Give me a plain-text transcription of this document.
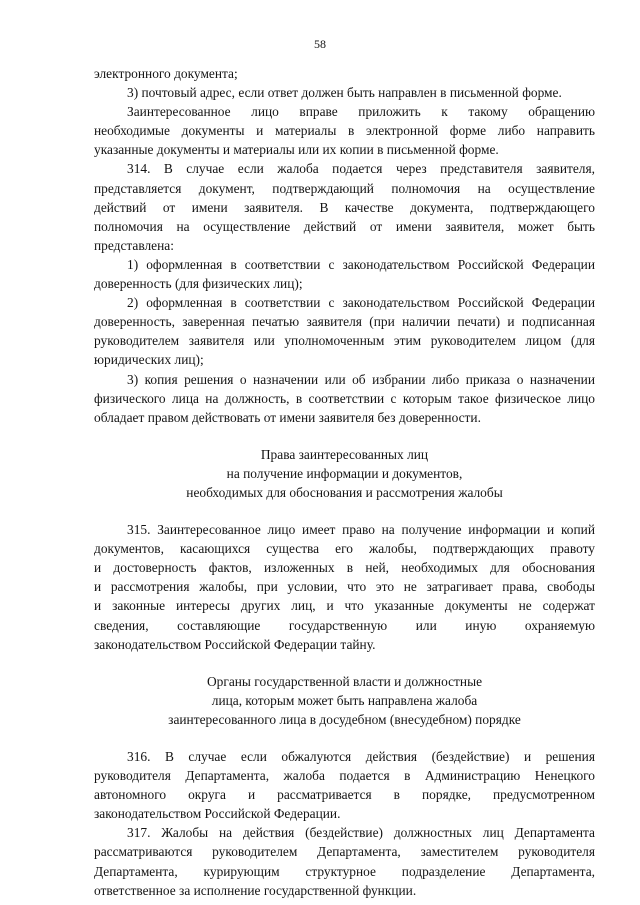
58
электронного документа;
3) почтовый адрес, если ответ должен быть направлен в письменной форме.
Заинтересованное лицо вправе приложить к такому обращению
необходимые документы и материалы в электронной форме либо направить
указанные документы и материалы или их копии в письменной форме.
314. В случае если жалоба подается через представителя заявителя,
представляется документ, подтверждающий полномочия на осуществление
действий от имени заявителя. В качестве документа, подтверждающего
полномочия на осуществление действий от имени заявителя, может быть
представлена:
1) оформленная в соответствии с законодательством Российской Федерации
доверенность (для физических лиц);
2) оформленная в соответствии с законодательством Российской Федерации
доверенность, заверенная печатью заявителя (при наличии печати) и подписанная
руководителем заявителя или уполномоченным этим руководителем лицом (для
юридических лиц);
3) копия решения о назначении или об избрании либо приказа о назначении
физического лица на должность, в соответствии с которым такое физическое лицо
обладает правом действовать от имени заявителя без доверенности.
Права заинтересованных лиц
на получение информации и документов,
необходимых для обоснования и рассмотрения жалобы
315. Заинтересованное лицо имеет право на получение информации и копий
документов, касающихся существа его жалобы, подтверждающих правоту
и достоверность фактов, изложенных в ней, необходимых для обоснования
и рассмотрения жалобы, при условии, что это не затрагивает права, свободы
и законные интересы других лиц, и что указанные документы не содержат
сведения, составляющие государственную или иную охраняемую
законодательством Российской Федерации тайну.
Органы государственной власти и должностные
лица, которым может быть направлена жалоба
заинтересованного лица в досудебном (внесудебном) порядке
316. В случае если обжалуются действия (бездействие) и решения
руководителя Департамента, жалоба подается в Администрацию Ненецкого
автономного округа и рассматривается в порядке, предусмотренном
законодательством Российской Федерации.
317. Жалобы на действия (бездействие) должностных лиц Департамента
рассматриваются руководителем Департамента, заместителем руководителя
Департамента, курирующим структурное подразделение Департамента,
ответственное за исполнение государственной функции.
